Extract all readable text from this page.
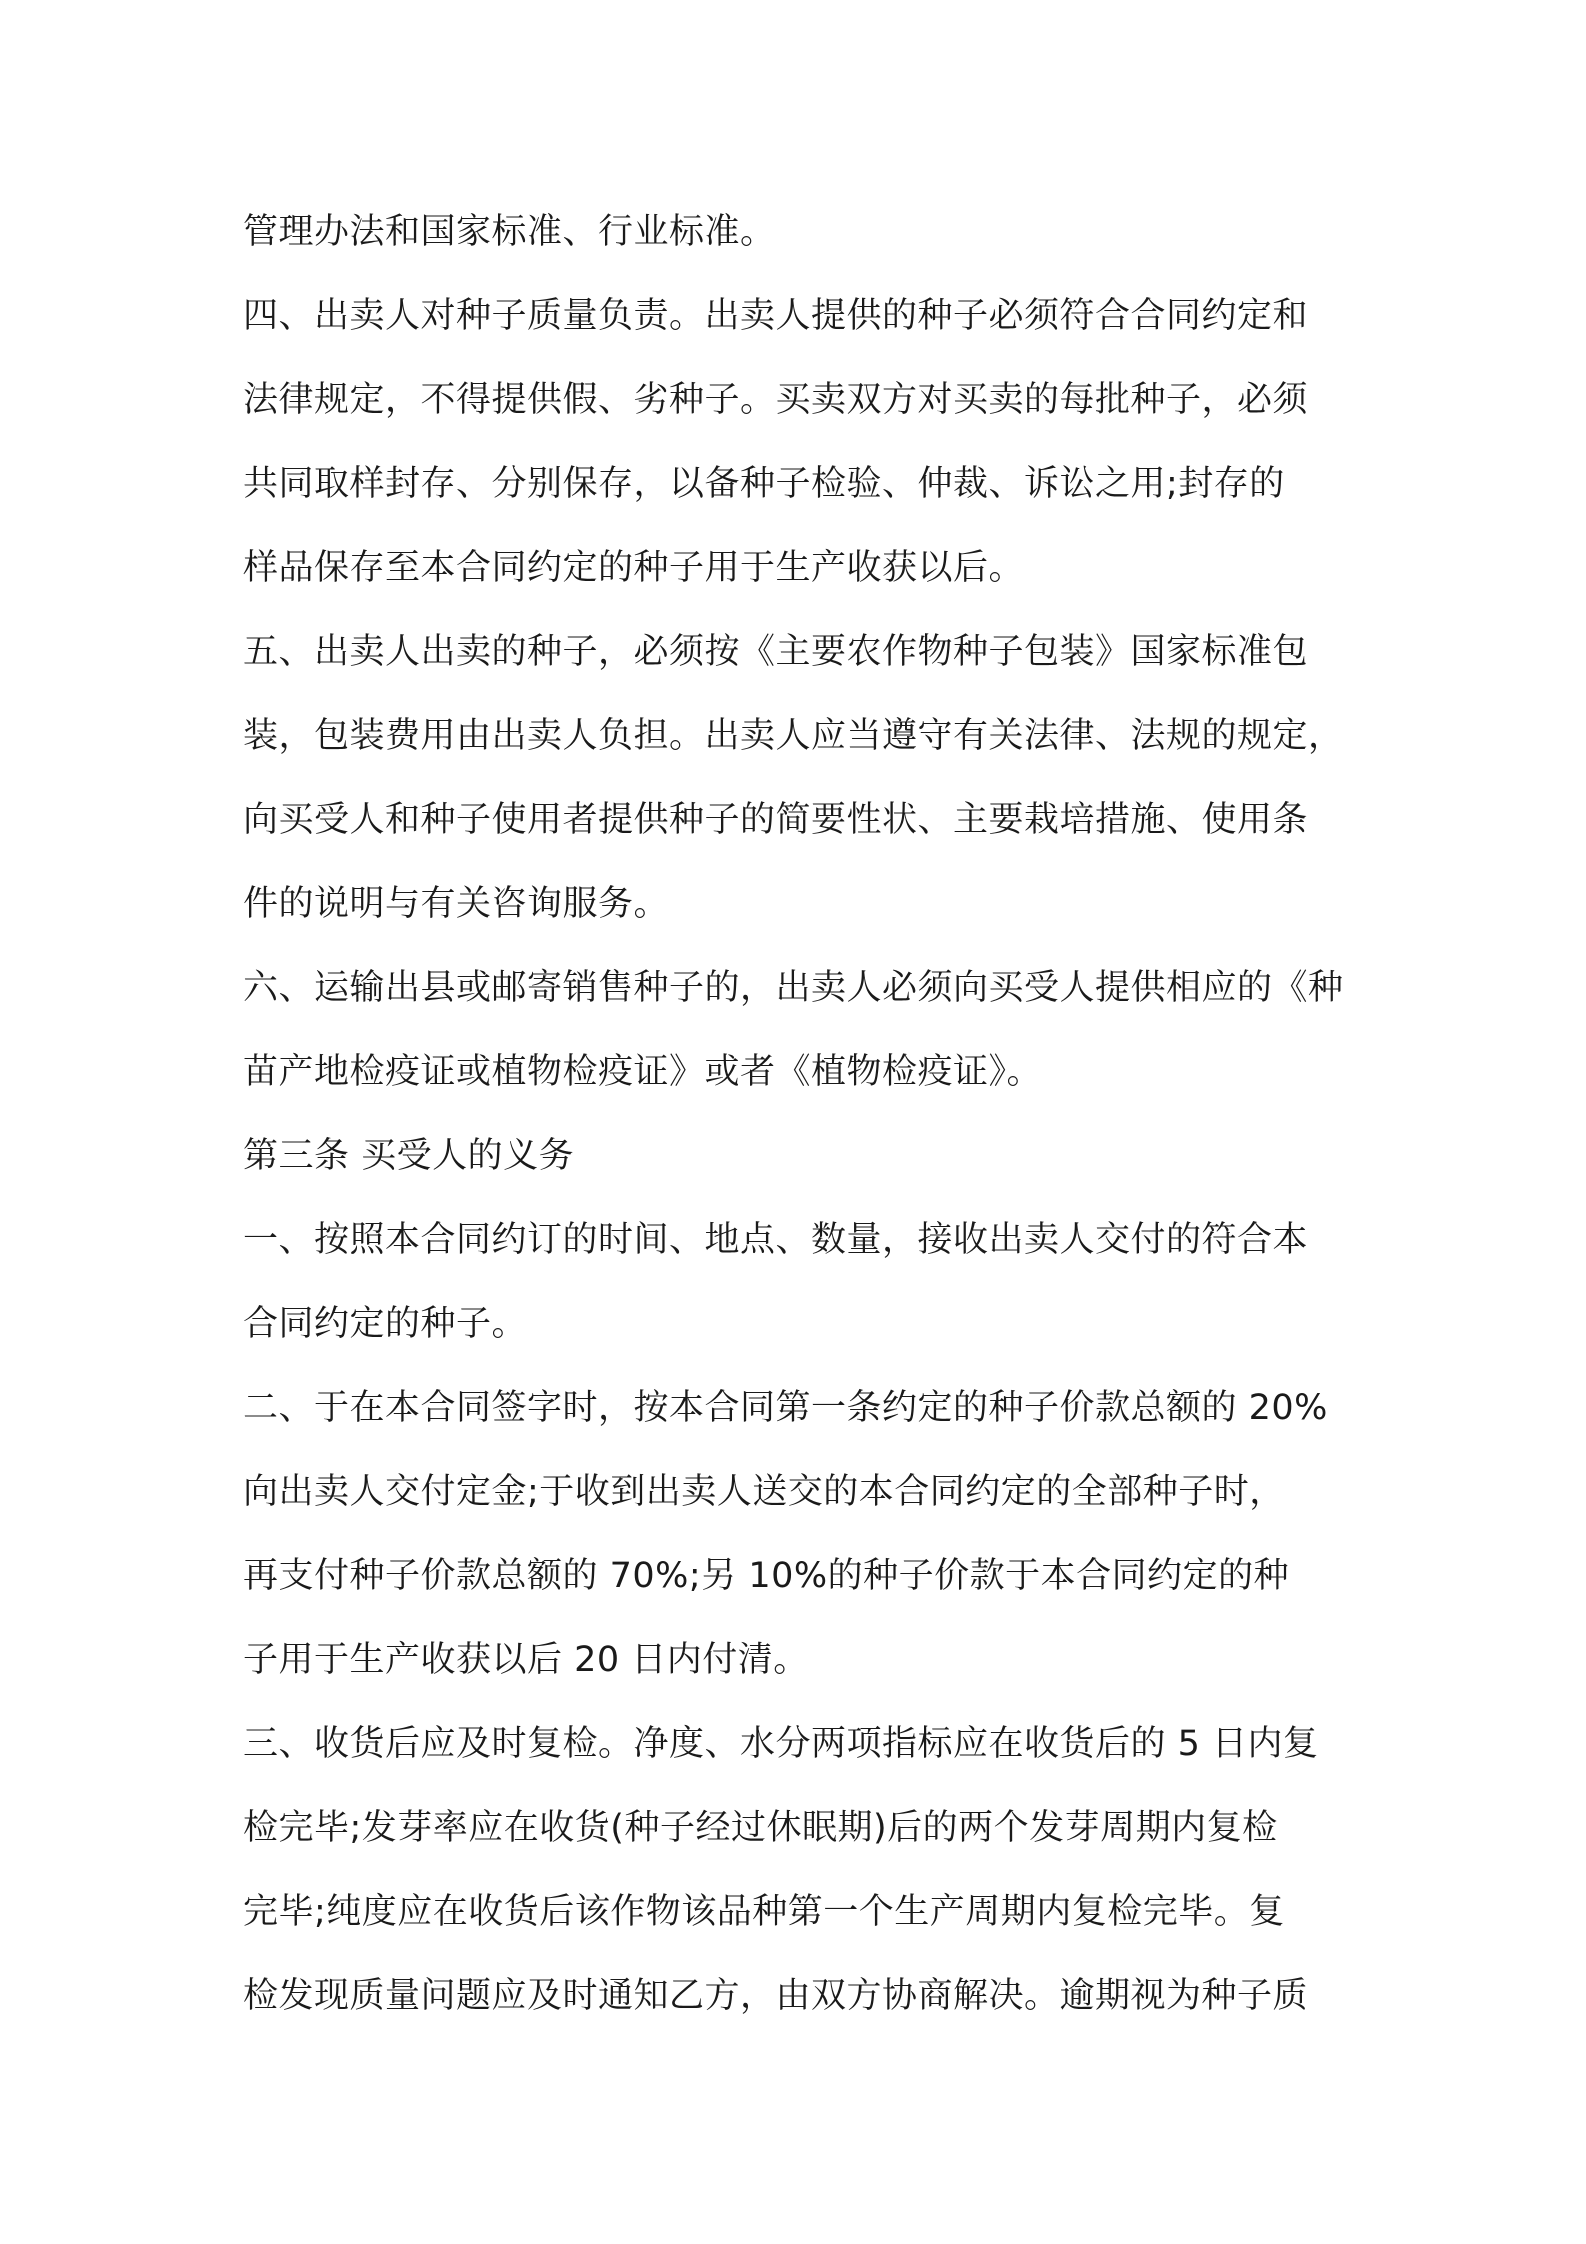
管理办法和国家标准、行业标准。
四、出卖人对种子质量负责。出卖人提供的种子必须符合合同约定和
法律规定，不得提供假、劣种子。买卖双方对买卖的每批种子，必须
共同取样封存、分别保存，以备种子检验、仲裁、诉讼之用;封存的
样品保存至本合同约定的种子用于生产收获以后。
五、出卖人出卖的种子，必须按《主要农作物种子包装》国家标准包
装，包装费用由出卖人负担。出卖人应当遵守有关法律、法规的规定，
向买受人和种子使用者提供种子的简要性状、主要栽培措施、使用条
件的说明与有关咨询服务。
六、运输出县或邮寄销售种子的，出卖人必须向买受人提供相应的《种
苗产地检疫证或植物检疫证》或者《植物检疫证》。
第三条 买受人的义务
一、按照本合同约订的时间、地点、数量，接收出卖人交付的符合本
合同约定的种子。
二、于在本合同签字时，按本合同第一条约定的种子价款总额的 20%
向出卖人交付定金;于收到出卖人送交的本合同约定的全部种子时，
再支付种子价款总额的 70%;另 10%的种子价款于本合同约定的种
子用于生产收获以后 20 日内付清。
三、收货后应及时复检。净度、水分两项指标应在收货后的 5 日内复
检完毕;发芽率应在收货(种子经过休眠期)后的两个发芽周期内复检
完毕;纯度应在收货后该作物该品种第一个生产周期内复检完毕。复
检发现质量问题应及时通知乙方，由双方协商解决。逾期视为种子质
